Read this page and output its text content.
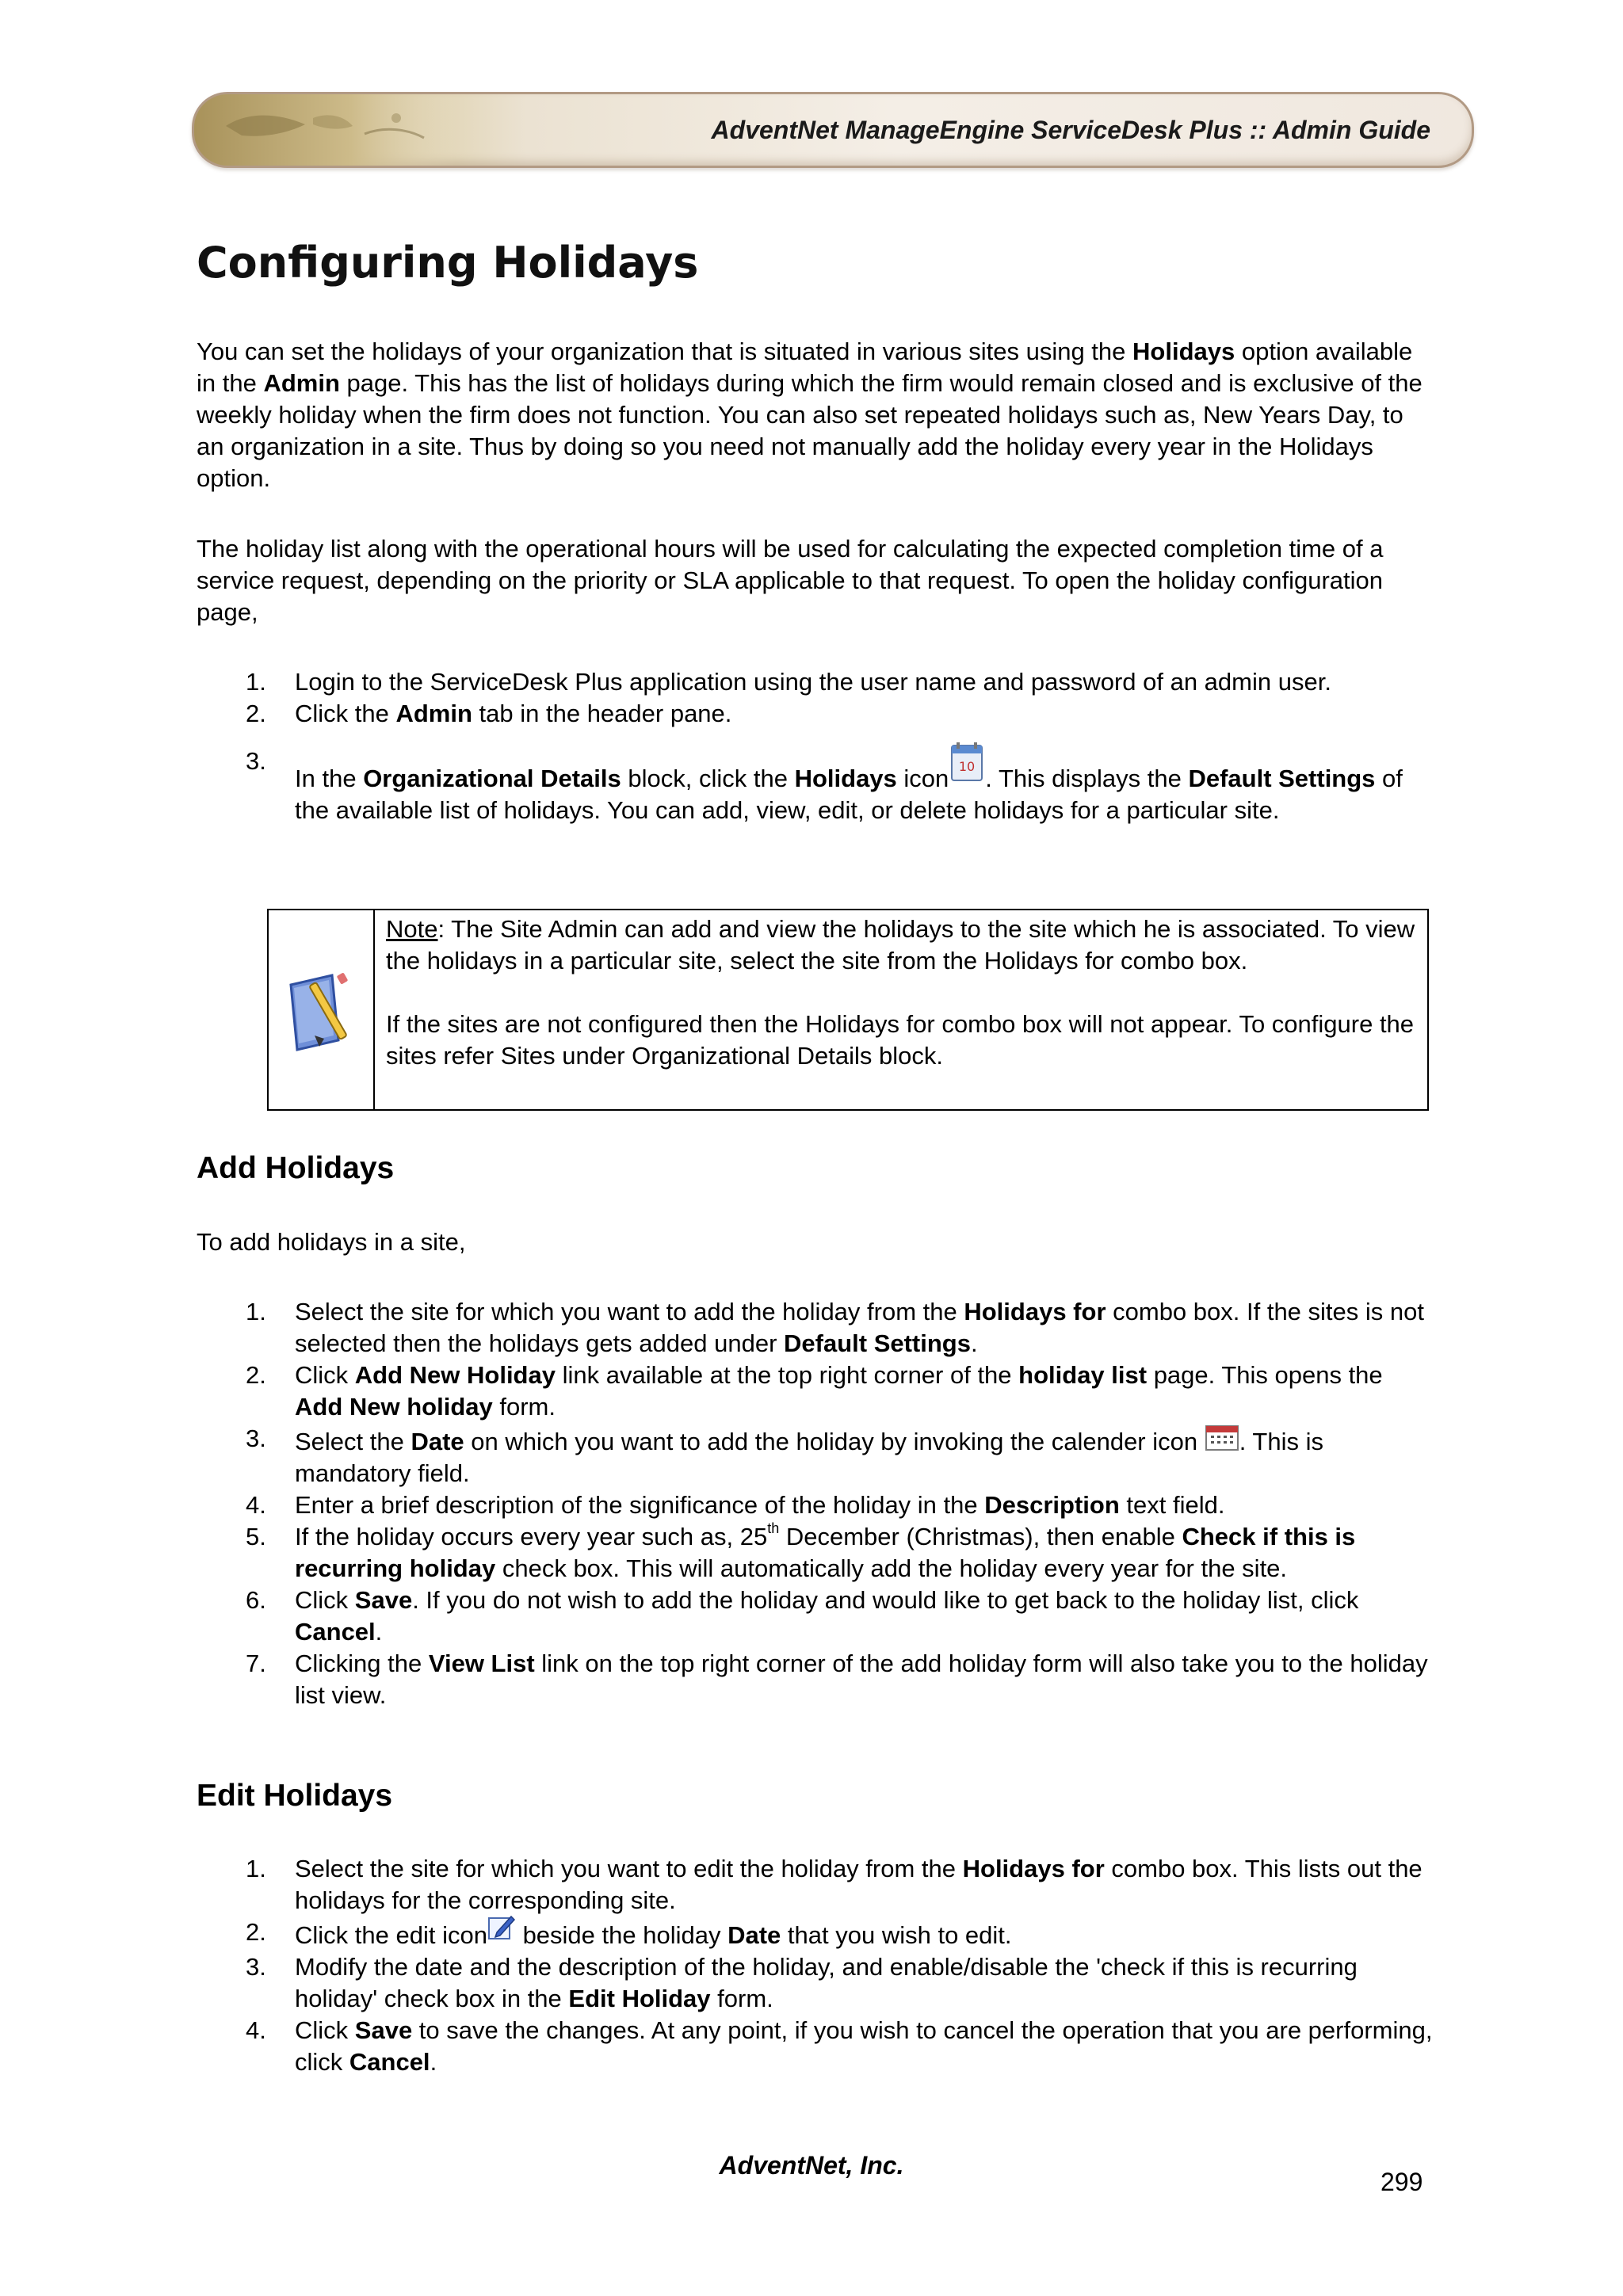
AdventNet ManageEngine ServiceDesk Plus :: Admin Guide
Configuring Holidays

You can set the holidays of your organization that is situated in various sites using the Holidays option available in the Admin page. This has the list of holidays during which the firm would remain closed and is exclusive of the weekly holiday when the firm does not function. You can also set repeated holidays such as, New Years Day, to an organization in a site. Thus by doing so you need not manually add the holiday every year in the Holidays option.

The holiday list along with the operational hours will be used for calculating the expected completion time of a service request, depending on the priority or SLA applicable to that request. To open the holiday configuration page,

1. Login to the ServiceDesk Plus application using the user name and password of an admin user.
2. Click the Admin tab in the header pane.
3.
In the Organizational Details block, click the Holidays icon 10 . This displays the Default Settings of the available list of holidays. You can add, view, edit, or delete holidays for a particular site.

Note: The Site Admin can add and view the holidays to the site which he is associated. To view the holidays in a particular site, select the site from the Holidays for combo box.

If the sites are not configured then the Holidays for combo box will not appear. To configure the sites refer Sites under Organizational Details block.

Add Holidays

To add holidays in a site,

1. Select the site for which you want to add the holiday from the Holidays for combo box. If the sites is not selected then the holidays gets added under Default Settings.
2. Click Add New Holiday link available at the top right corner of the holiday list page. This opens the Add New holiday form.
3. Select the Date on which you want to add the holiday by invoking the calender icon . This is mandatory field.
4. Enter a brief description of the significance of the holiday in the Description text field.
5. If the holiday occurs every year such as, 25th December (Christmas), then enable Check if this is recurring holiday check box. This will automatically add the holiday every year for the site.
6. Click Save. If you do not wish to add the holiday and would like to get back to the holiday list, click Cancel.
7. Clicking the View List link on the top right corner of the add holiday form will also take you to the holiday list view.
Edit Holidays
1. Select the site for which you want to edit the holiday from the Holidays for combo box. This lists out the holidays for the corresponding site.
2. Click the edit icon beside the holiday Date that you wish to edit.
3. Modify the date and the description of the holiday, and enable/disable the 'check if this is recurring holiday' check box in the Edit Holiday form.
4. Click Save to save the changes. At any point, if you wish to cancel the operation that you are performing, click Cancel.
AdventNet, Inc.
299
